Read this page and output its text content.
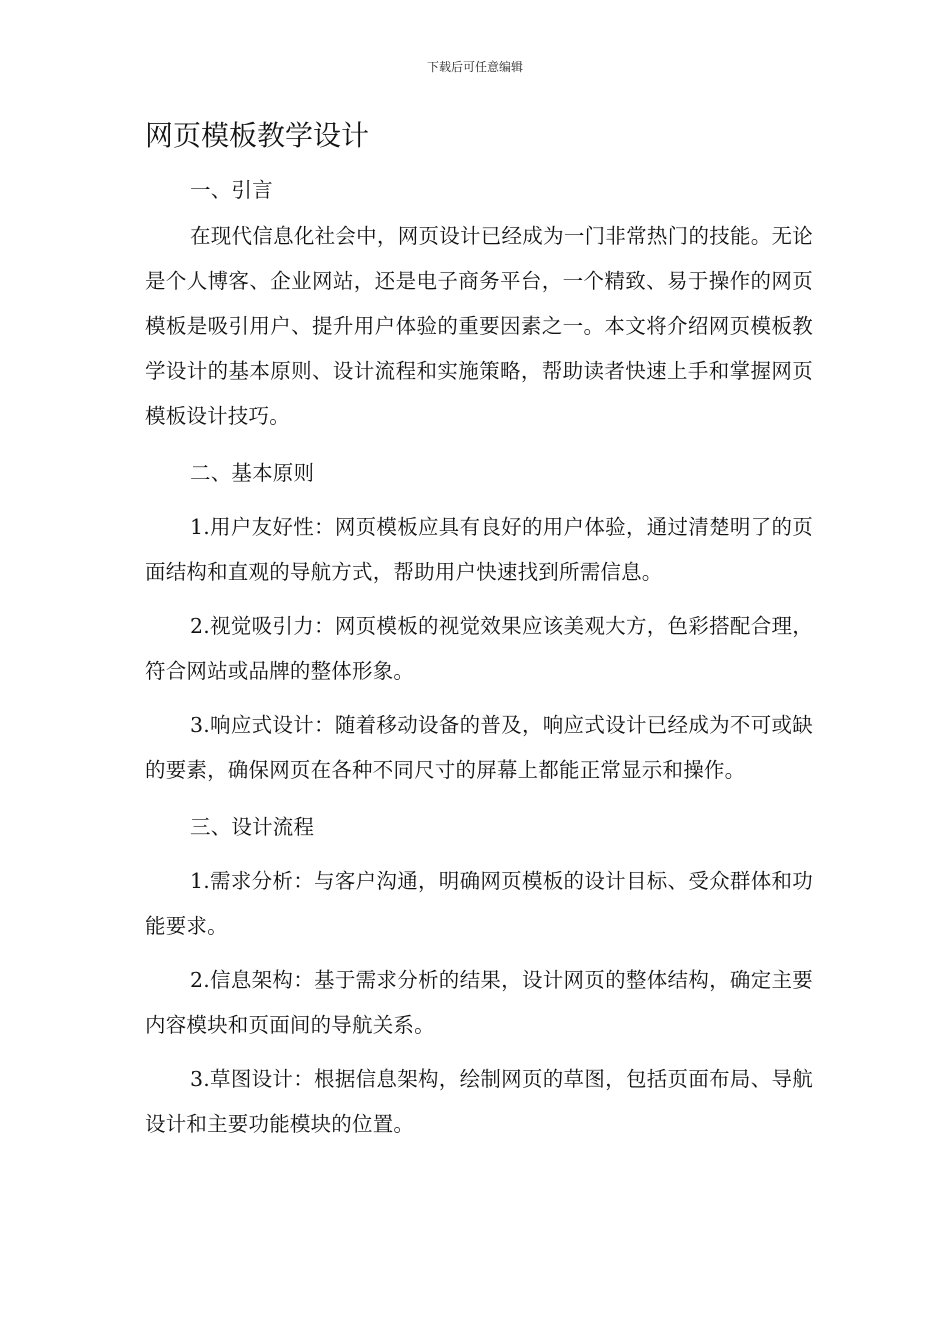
下载后可任意编辑
网页模板教学设计

一、引言

在现代信息化社会中，网页设计已经成为一门非常热门的技能。无论是个人博客、企业网站，还是电子商务平台，一个精致、易于操作的网页模板是吸引用户、提升用户体验的重要因素之一。本文将介绍网页模板教学设计的基本原则、设计流程和实施策略，帮助读者快速上手和掌握网页模板设计技巧。

二、基本原则

1.用户友好性：网页模板应具有良好的用户体验，通过清楚明了的页面结构和直观的导航方式，帮助用户快速找到所需信息。

2.视觉吸引力：网页模板的视觉效果应该美观大方，色彩搭配合理，符合网站或品牌的整体形象。

3.响应式设计：随着移动设备的普及，响应式设计已经成为不可或缺的要素，确保网页在各种不同尺寸的屏幕上都能正常显示和操作。

三、设计流程

1.需求分析：与客户沟通，明确网页模板的设计目标、受众群体和功能要求。

2.信息架构：基于需求分析的结果，设计网页的整体结构，确定主要内容模块和页面间的导航关系。

3.草图设计：根据信息架构，绘制网页的草图，包括页面布局、导航设计和主要功能模块的位置。
